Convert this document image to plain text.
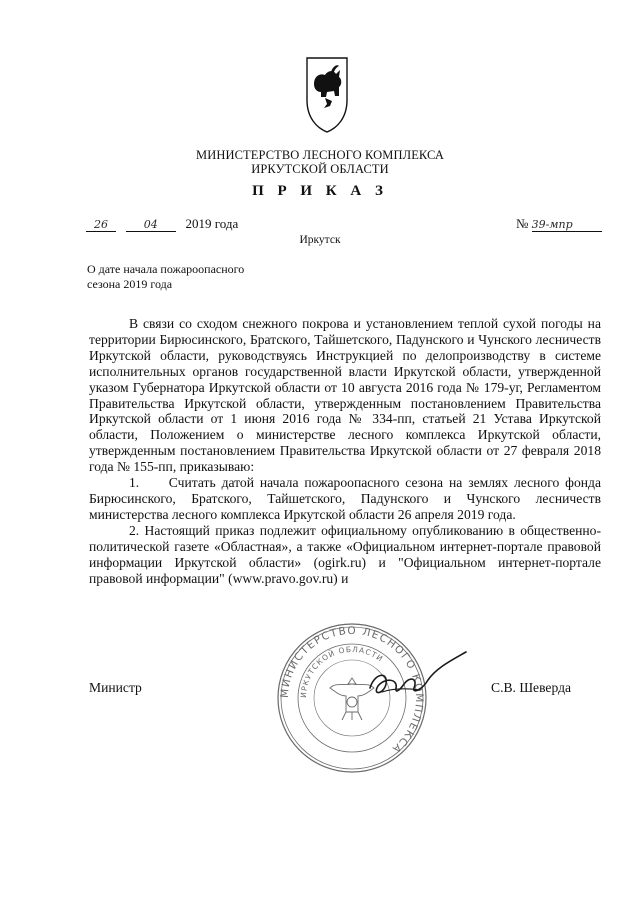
МИНИСТЕРСТВО ЛЕСНОГО КОМПЛЕКСА
ИРКУТСКОЙ ОБЛАСТИ
П Р И К А З
26	04 2019 года	№ 39-мпр
Иркутск
О дате начала пожароопасного
сезона 2019 года

В связи со сходом снежного покрова и установлением теплой сухой погоды на территории Бирюсинского, Братского, Тайшетского, Падунского и Чунского лесничеств Иркутской области, руководствуясь Инструкцией по делопроизводству в системе исполнительных органов государственной власти Иркутской области, утвержденной указом Губернатора Иркутской области от 10 августа 2016 года № 179-уг, Регламентом Правительства Иркутской области, утвержденным постановлением Правительства Иркутской области от 1 июня 2016 года № 334-пп, статьей 21 Устава Иркутской области, Положением о министерстве лесного комплекса Иркутской области, утвержденным постановлением Правительства Иркутской области от 27 февраля 2018 года № 155-пп, приказываю:

1.     Считать датой начала пожароопасного сезона на землях лесного фонда Бирюсинского, Братского, Тайшетского, Падунского и Чунского лесничеств министерства лесного комплекса Иркутской области 26 апреля 2019 года.

2. Настоящий приказ подлежит официальному опубликованию в общественно-политической газете «Областная», а также «Официальном интернет-портале правовой информации Иркутской области» (ogirk.ru) и "Официальном интернет-портале правовой информации" (www.pravo.gov.ru) и

МИНИСТЕРСТВО ЛЕСНОГО КОМПЛЕКСА
ИРКУТСКОЙ ОБЛАСТИ
Министр	С.В. Шеверда
